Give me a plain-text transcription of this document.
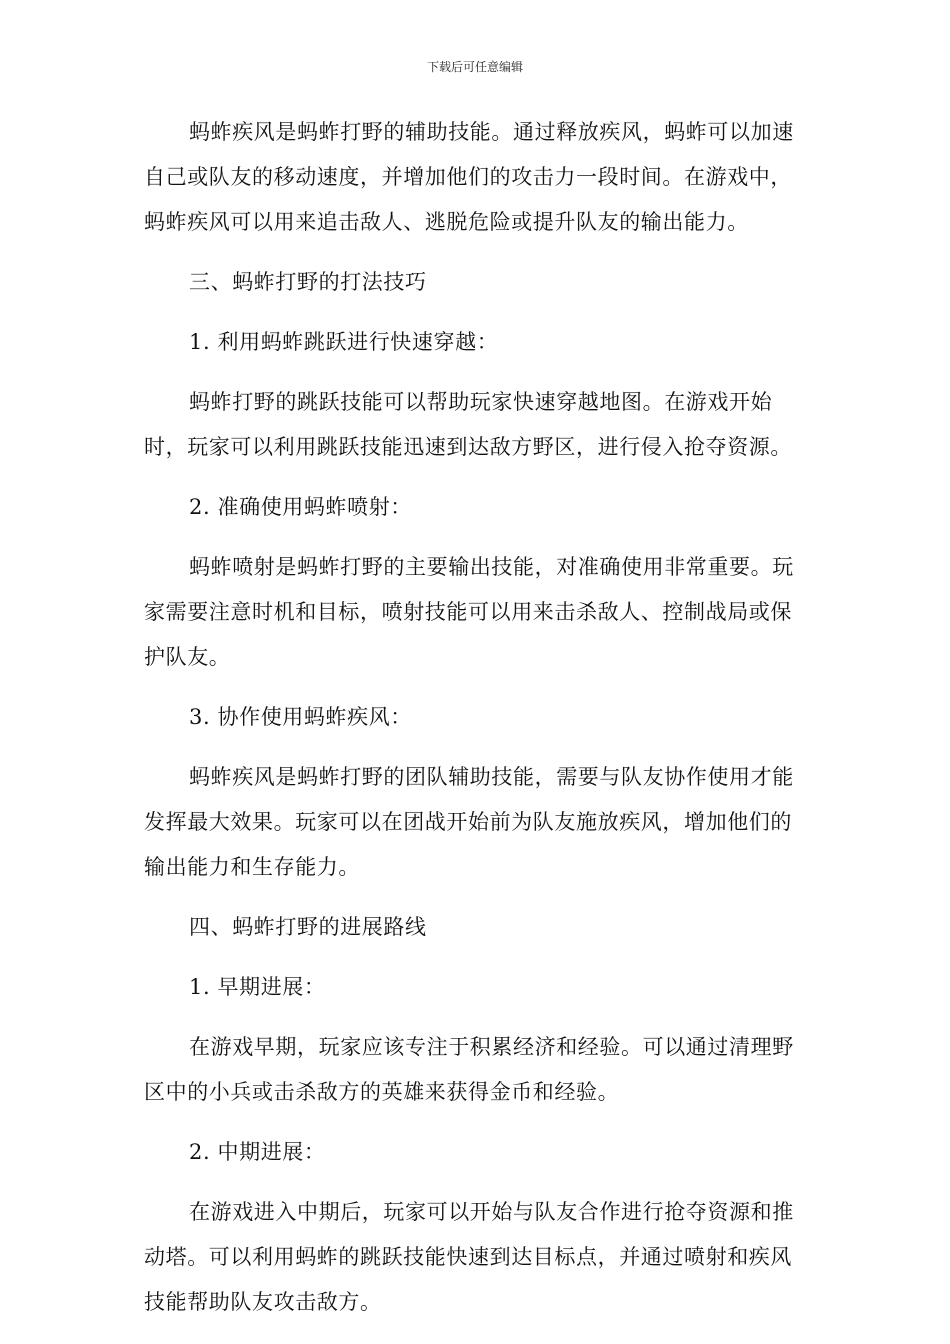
下载后可任意编辑

蚂蚱疾风是蚂蚱打野的辅助技能。通过释放疾风，蚂蚱可以加速自己或队友的移动速度，并增加他们的攻击力一段时间。在游戏中，蚂蚱疾风可以用来追击敌人、逃脱危险或提升队友的输出能力。

三、蚂蚱打野的打法技巧

1. 利用蚂蚱跳跃进行快速穿越：

蚂蚱打野的跳跃技能可以帮助玩家快速穿越地图。在游戏开始时，玩家可以利用跳跃技能迅速到达敌方野区，进行侵入抢夺资源。

2. 准确使用蚂蚱喷射：

蚂蚱喷射是蚂蚱打野的主要输出技能，对准确使用非常重要。玩家需要注意时机和目标，喷射技能可以用来击杀敌人、控制战局或保护队友。

3. 协作使用蚂蚱疾风：

蚂蚱疾风是蚂蚱打野的团队辅助技能，需要与队友协作使用才能发挥最大效果。玩家可以在团战开始前为队友施放疾风，增加他们的输出能力和生存能力。

四、蚂蚱打野的进展路线

1. 早期进展：

在游戏早期，玩家应该专注于积累经济和经验。可以通过清理野区中的小兵或击杀敌方的英雄来获得金币和经验。

2. 中期进展：

在游戏进入中期后，玩家可以开始与队友合作进行抢夺资源和推动塔。可以利用蚂蚱的跳跃技能快速到达目标点，并通过喷射和疾风技能帮助队友攻击敌方。
